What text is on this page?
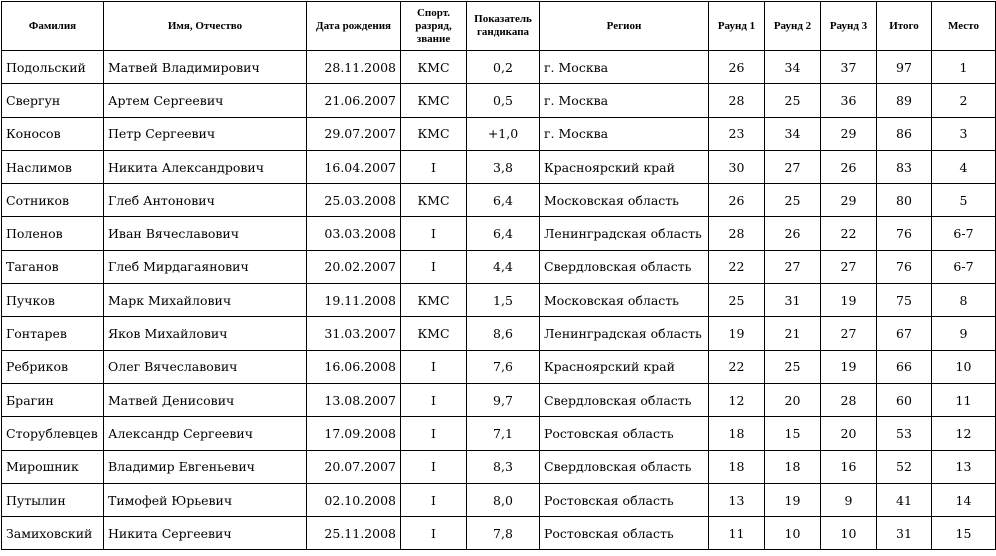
Фамилия	Имя, Отчество	Дата рождения	Спорт. разряд, звание	Показатель гандикапа	Регион	Раунд 1	Раунд 2	Раунд 3	Итого	Место
Подольский	Матвей Владимирович	28.11.2008	КМС	0,2	г. Москва	26	34	37	97	1
Свергун	Артем Сергеевич	21.06.2007	КМС	0,5	г. Москва	28	25	36	89	2
Коносов	Петр Сергеевич	29.07.2007	КМС	+1,0	г. Москва	23	34	29	86	3
Наслимов	Никита Александрович	16.04.2007	I	3,8	Красноярский край	30	27	26	83	4
Сотников	Глеб Антонович	25.03.2008	КМС	6,4	Московская область	26	25	29	80	5
Поленов	Иван Вячеславович	03.03.2008	I	6,4	Ленинградская область	28	26	22	76	6-7
Таганов	Глеб Мирдагаянович	20.02.2007	I	4,4	Свердловская область	22	27	27	76	6-7
Пучков	Марк Михайлович	19.11.2008	КМС	1,5	Московская область	25	31	19	75	8
Гонтарев	Яков Михайлович	31.03.2007	КМС	8,6	Ленинградская область	19	21	27	67	9
Ребриков	Олег Вячеславович	16.06.2008	I	7,6	Красноярский край	22	25	19	66	10
Брагин	Матвей Денисович	13.08.2007	I	9,7	Свердловская область	12	20	28	60	11
Сторублевцев	Александр Сергеевич	17.09.2008	I	7,1	Ростовская область	18	15	20	53	12
Мирошник	Владимир Евгеньевич	20.07.2007	I	8,3	Свердловская область	18	18	16	52	13
Путылин	Тимофей Юрьевич	02.10.2008	I	8,0	Ростовская область	13	19	9	41	14
Замиховский	Никита Сергеевич	25.11.2008	I	7,8	Ростовская область	11	10	10	31	15
